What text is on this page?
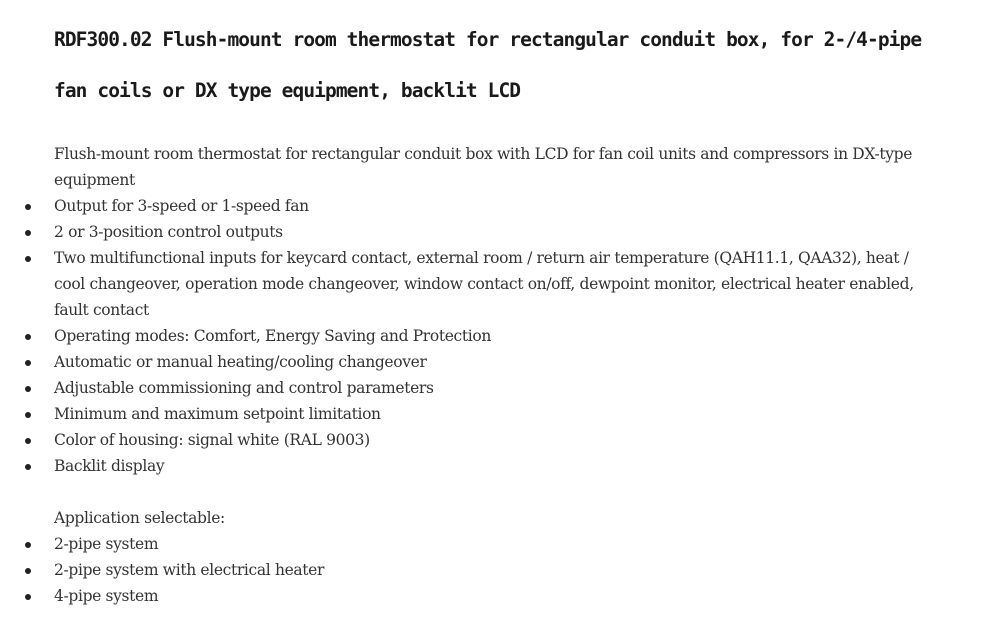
RDF300.02 Flush-mount room thermostat for rectangular conduit box, for 2-/4-pipe fan coils or DX type equipment, backlit LCD

Flush-mount room thermostat for rectangular conduit box with LCD for fan coil units and compressors in DX-type equipment

Output for 3-speed or 1-speed fan
2 or 3-position control outputs
Two multifunctional inputs for keycard contact, external room / return air temperature (QAH11.1, QAA32), heat / cool changeover, operation mode changeover, window contact on/off, dewpoint monitor, electrical heater enabled, fault contact
Operating modes: Comfort, Energy Saving and Protection
Automatic or manual heating/cooling changeover
Adjustable commissioning and control parameters
Minimum and maximum setpoint limitation
Color of housing: signal white (RAL 9003)
Backlit display

Application selectable:

2-pipe system
2-pipe system with electrical heater
4-pipe system
